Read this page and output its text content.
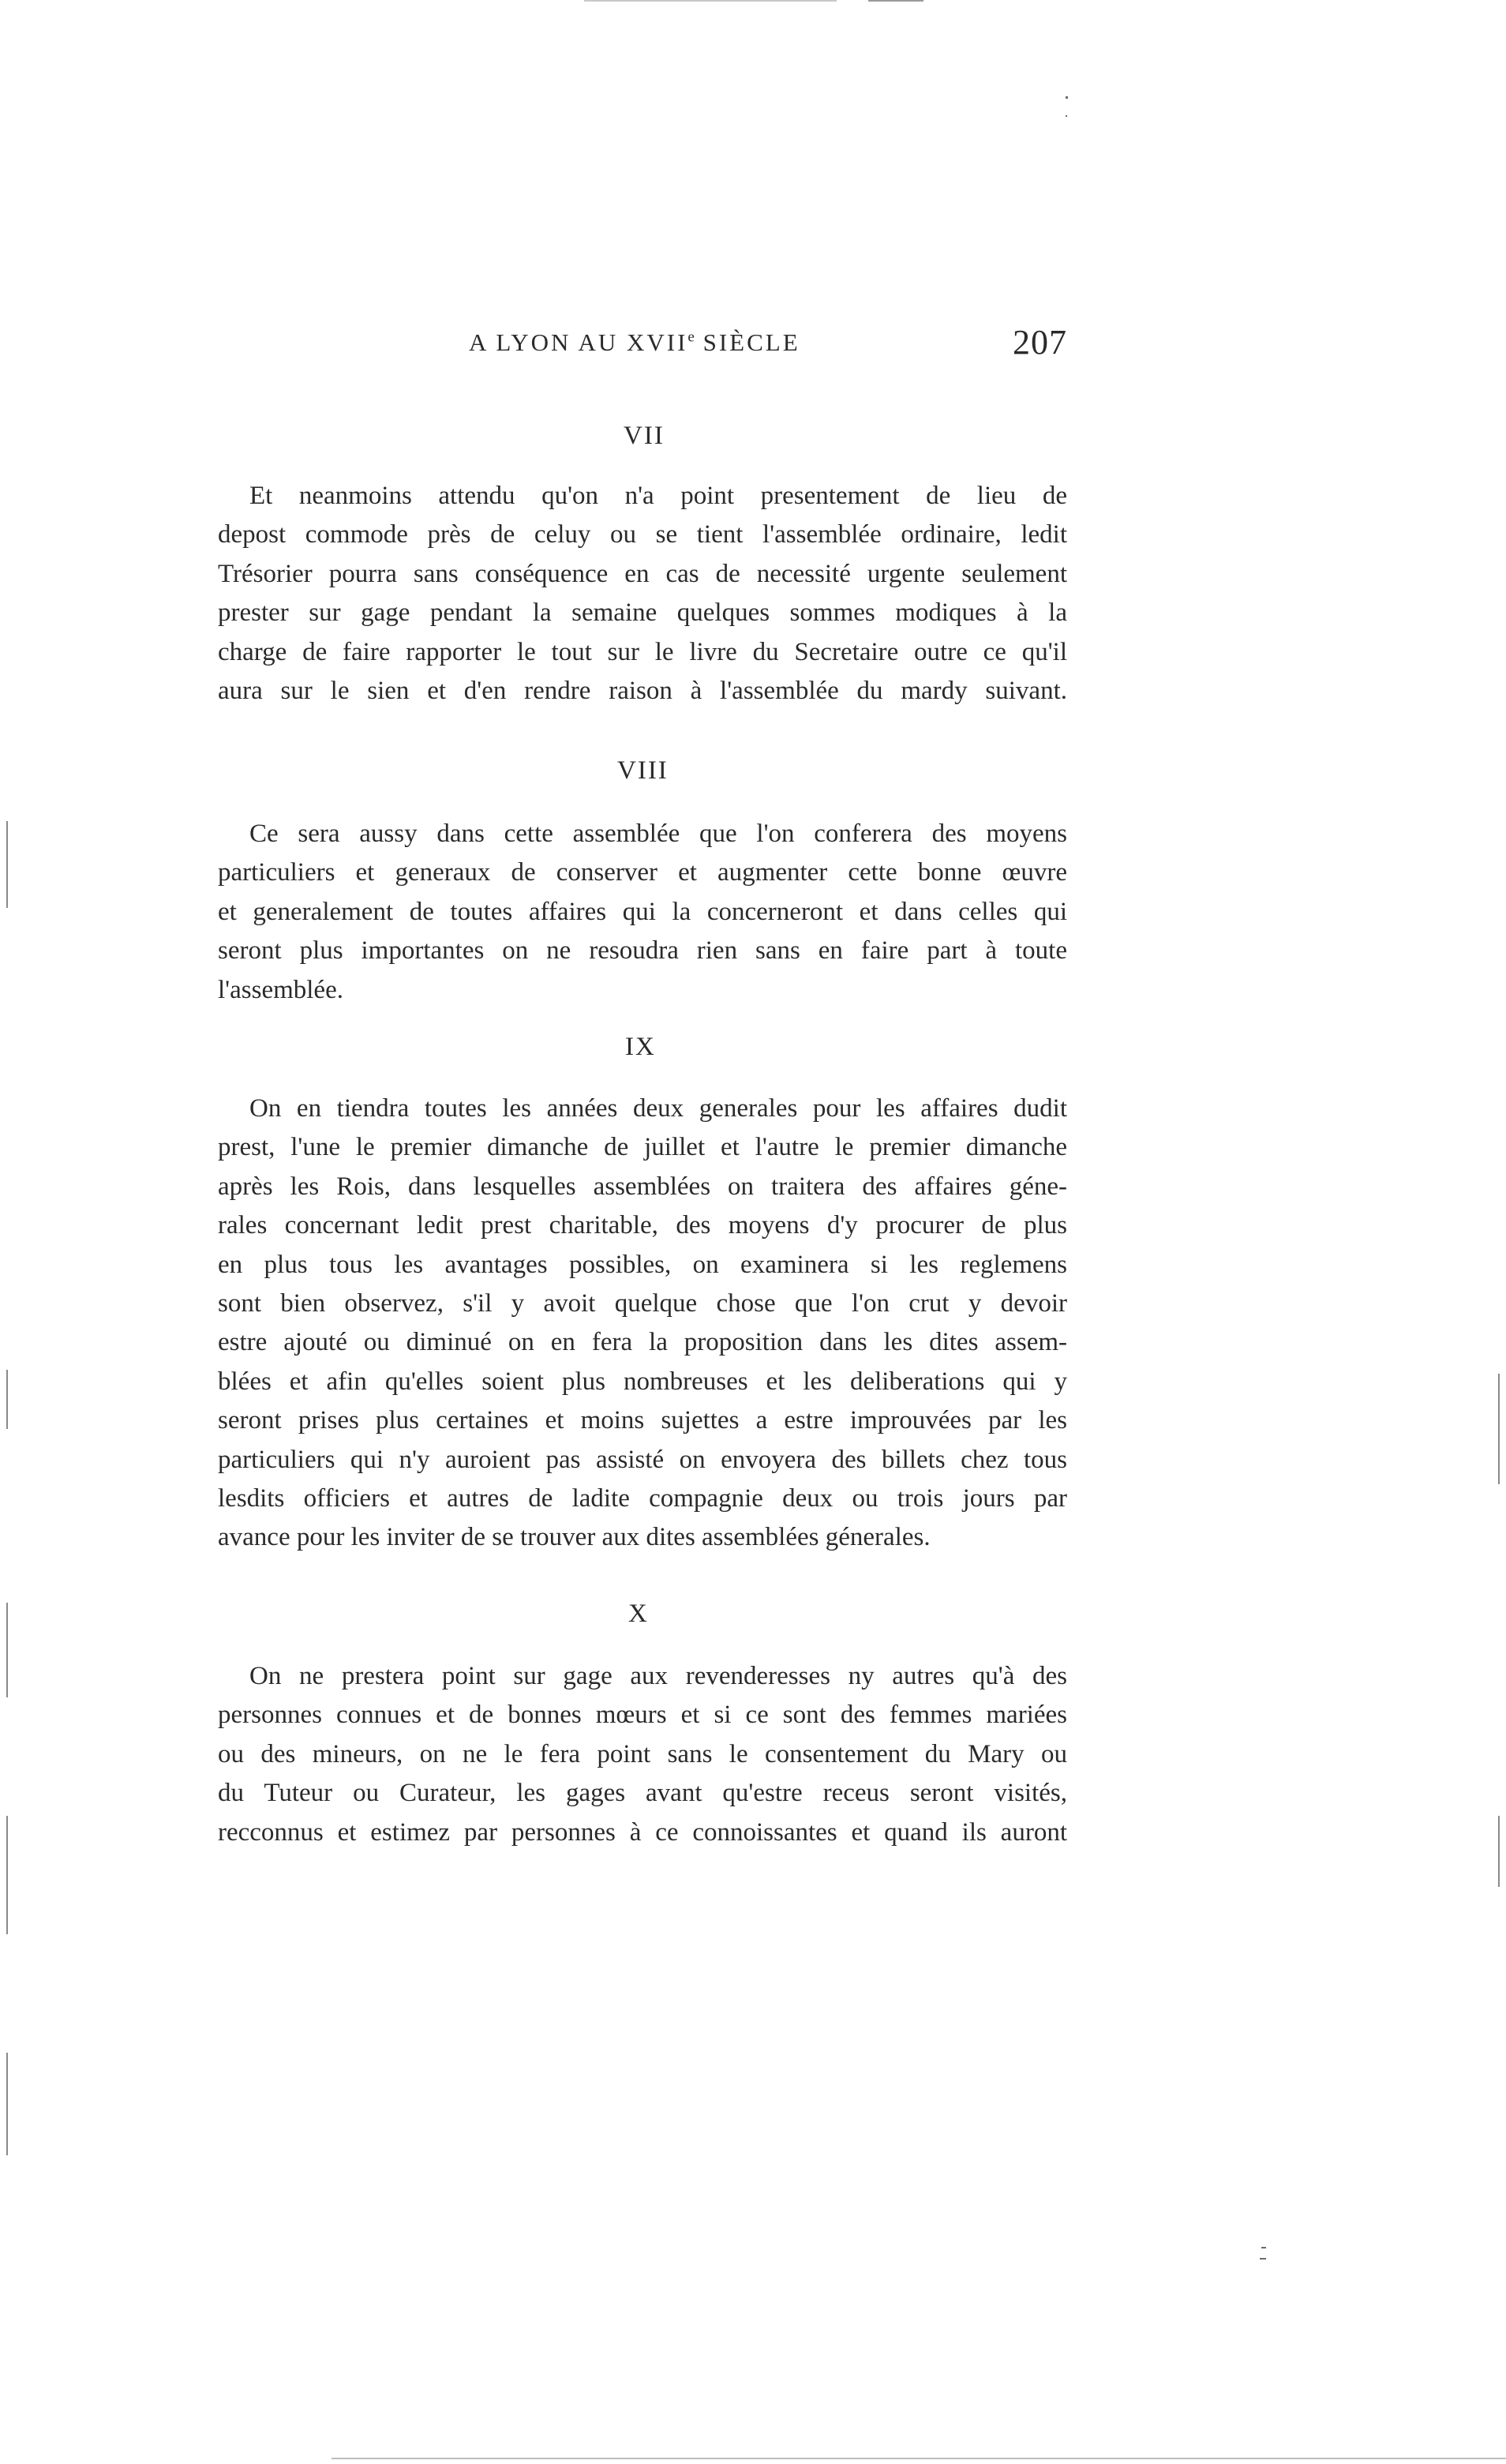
A LYON AU XVIIe SIÈCLE	207
VII
Et neanmoins attendu qu'on n'a point presentement de lieu de
depost commode près de celuy ou se tient l'assemblée ordinaire, ledit
Trésorier pourra sans conséquence en cas de necessité urgente seulement
prester sur gage pendant la semaine quelques sommes modiques à la
charge de faire rapporter le tout sur le livre du Secretaire outre ce qu'il
aura sur le sien et d'en rendre raison à l'assemblée du mardy suivant.
VIII
Ce sera aussy dans cette assemblée que l'on conferera des moyens
particuliers et generaux de conserver et augmenter cette bonne œuvre
et generalement de toutes affaires qui la concerneront et dans celles qui
seront plus importantes on ne resoudra rien sans en faire part à toute
l'assemblée.
IX
On en tiendra toutes les années deux generales pour les affaires dudit
prest, l'une le premier dimanche de juillet et l'autre le premier dimanche
après les Rois, dans lesquelles assemblées on traitera des affaires géne-
rales concernant ledit prest charitable, des moyens d'y procurer de plus
en plus tous les avantages possibles, on examinera si les reglemens
sont bien observez, s'il y avoit quelque chose que l'on crut y devoir
estre ajouté ou diminué on en fera la proposition dans les dites assem-
blées et afin qu'elles soient plus nombreuses et les deliberations qui y
seront prises plus certaines et moins sujettes a estre improuvées par les
particuliers qui n'y auroient pas assisté on envoyera des billets chez tous
lesdits officiers et autres de ladite compagnie deux ou trois jours par
avance pour les inviter de se trouver aux dites assemblées génerales.
X
On ne prestera point sur gage aux revenderesses ny autres qu'à des
personnes connues et de bonnes mœurs et si ce sont des femmes mariées
ou des mineurs, on ne le fera point sans le consentement du Mary ou
du Tuteur ou Curateur, les gages avant qu'estre receus seront visités,
recconnus et estimez par personnes à ce connoissantes et quand ils auront
